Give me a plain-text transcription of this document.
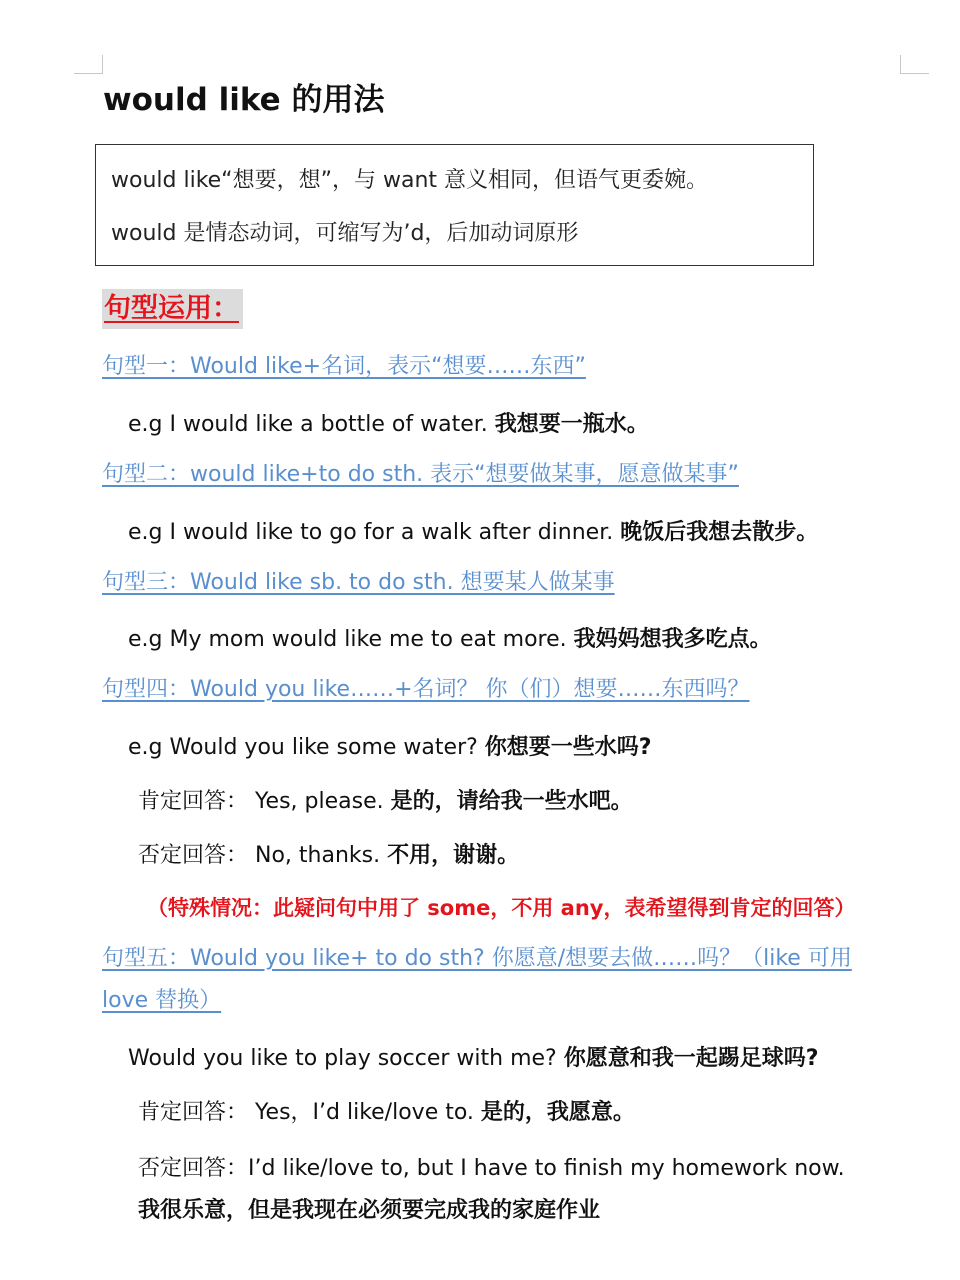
would like 的用法
would like“想要，想”，与 want 意义相同，但语气更委婉。
would 是情态动词，可缩写为’d，后加动词原形
句型运用：
句型一：Would like+名词，表示“想要……东西”
e.g I would like a bottle of water. 我想要一瓶水。
句型二：would like+to do sth. 表示“想要做某事，愿意做某事”
e.g I would like to go for a walk after dinner. 晚饭后我想去散步。
句型三：Would like sb. to do sth. 想要某人做某事
e.g My mom would like me to eat more. 我妈妈想我多吃点。
句型四：Would you like……+名词？ 你（们）想要……东西吗？
e.g Would you like some water? 你想要一些水吗?
肯定回答： Yes, please. 是的，请给我一些水吧。
否定回答： No, thanks. 不用，谢谢。
（特殊情况：此疑问句中用了 some，不用 any，表希望得到肯定的回答）
句型五：Would you like+ to do sth? 你愿意/想要去做……吗？（like 可用 love 替换）
Would you like to play soccer with me? 你愿意和我一起踢足球吗?
肯定回答： Yes，I’d like/love to. 是的，我愿意。
否定回答：I’d like/love to, but I have to finish my homework now.
我很乐意，但是我现在必须要完成我的家庭作业
